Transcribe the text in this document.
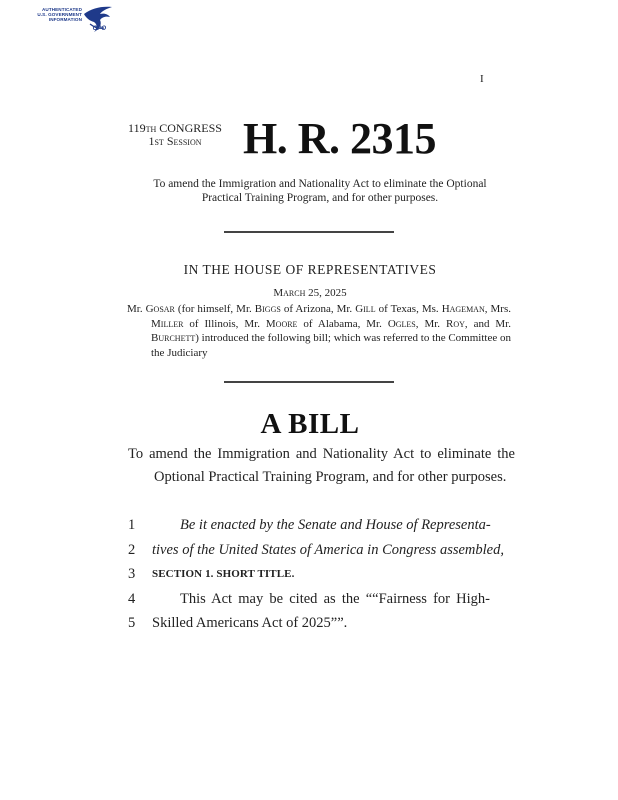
AUTHENTICATED
U.S. GOVERNMENT
INFORMATION
GPO
I
119th CONGRESS
1st Session H. R. 2315
To amend the Immigration and Nationality Act to eliminate the Optional Practical Training Program, and for other purposes.
IN THE HOUSE OF REPRESENTATIVES
March 25, 2025
Mr. Gosar (for himself, Mr. Biggs of Arizona, Mr. Gill of Texas, Ms. Hageman, Mrs. Miller of Illinois, Mr. Moore of Alabama, Mr. Ogles, Mr. Roy, and Mr. Burchett) introduced the following bill; which was referred to the Committee on the Judiciary
A BILL
To amend the Immigration and Nationality Act to eliminate the Optional Practical Training Program, and for other purposes.
1	Be it enacted by the Senate and House of Representa-
2	tives of the United States of America in Congress assembled,
3	SECTION 1. SHORT TITLE.
4	This Act may be cited as the ““Fairness for High-
5	Skilled Americans Act of 2025””.
